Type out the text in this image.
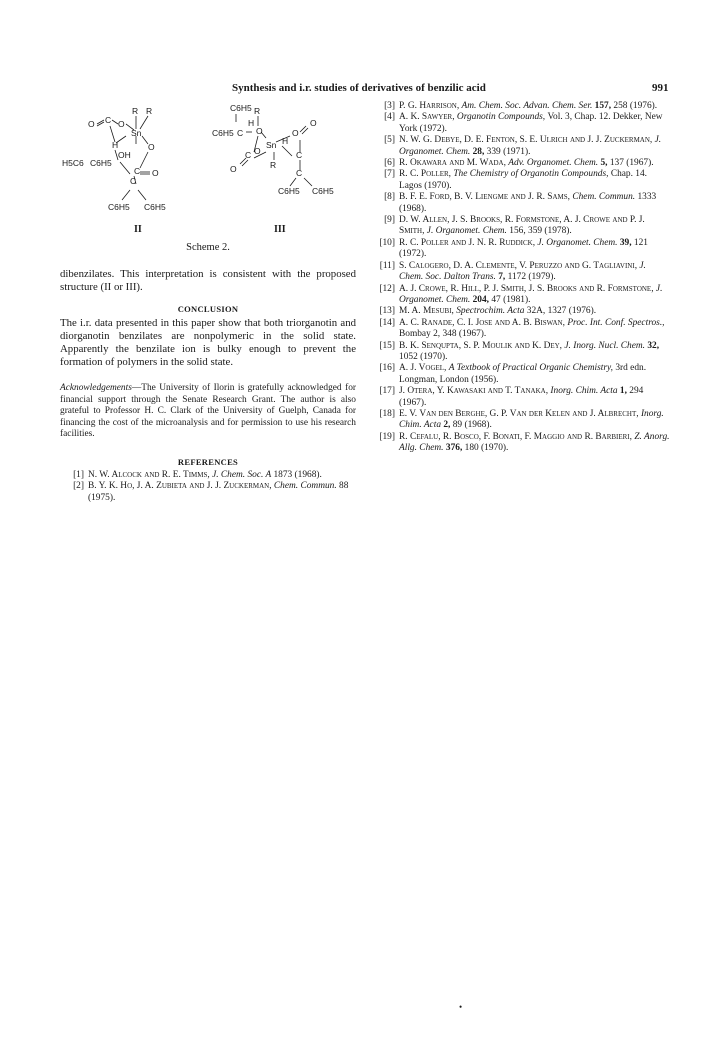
Synthesis and i.r. studies of derivatives of benzilic acid	991
O C O
R R
Sn
H	O
H5C6 C6H5
OH
C
O
C
C6H5 C6H5
II
C6H5 R
C6H5 C
H
O
O
C O
Sn
O
C
O
H
R
C
C6H5 C6H5
III
Scheme 2.

dibenzilates. This interpretation is consistent with the proposed structure (II or III).

CONCLUSION

The i.r. data presented in this paper show that both triorganotin and diorganotin benzilates are nonpolymeric in the solid state. Apparently the benzilate ion is bulky enough to prevent the formation of polymers in the solid state.

Acknowledgements—The University of Ilorin is gratefully acknowledged for financial support through the Senate Research Grant. The author is also grateful to Professor H. C. Clark of the University of Guelph, Canada for financing the cost of the microanalysis and for permission to use his research facilities.

REFERENCES
[1] N. W. Alcock and R. E. Timms, J. Chem. Soc. A 1873 (1968).
[2] B. Y. K. Ho, J. A. Zubieta and J. J. Zuckerman, Chem. Commun. 88 (1975).
[3] P. G. Harrison, Am. Chem. Soc. Advan. Chem. Ser. 157, 258 (1976).
[4] A. K. Sawyer, Organotin Compounds, Vol. 3, Chap. 12. Dekker, New York (1972).
[5] N. W. G. Debye, D. E. Fenton, S. E. Ulrich and J. J. Zuckerman, J. Organomet. Chem. 28, 339 (1971).
[6] R. Okawara and M. Wada, Adv. Organomet. Chem. 5, 137 (1967).
[7] R. C. Poller, The Chemistry of Organotin Compounds, Chap. 14. Lagos (1970).
[8] B. F. E. Ford, B. V. Liengme and J. R. Sams, Chem. Commun. 1333 (1968).
[9] D. W. Allen, J. S. Brooks, R. Formstone, A. J. Crowe and P. J. Smith, J. Organomet. Chem. 156, 359 (1978).
[10] R. C. Poller and J. N. R. Ruddick, J. Organomet. Chem. 39, 121 (1972).
[11] S. Calogero, D. A. Clemente, V. Peruzzo and G. Tagliavini, J. Chem. Soc. Dalton Trans. 7, 1172 (1979).
[12] A. J. Crowe, R. Hill, P. J. Smith, J. S. Brooks and R. Formstone, J. Organomet. Chem. 204, 47 (1981).
[13] M. A. Mesubi, Spectrochim. Acta 32A, 1327 (1976).
[14] A. C. Ranade, C. I. Jose and A. B. Biswan, Proc. Int. Conf. Spectros., Bombay 2, 348 (1967).
[15] B. K. Senqupta, S. P. Moulik and K. Dey, J. Inorg. Nucl. Chem. 32, 1052 (1970).
[16] A. J. Vogel, A Textbook of Practical Organic Chemistry, 3rd edn. Longman, London (1956).
[17] J. Otera, Y. Kawasaki and T. Tanaka, Inorg. Chim. Acta 1, 294 (1967).
[18] E. V. Van den Berghe, G. P. Van der Kelen and J. Albrecht, Inorg. Chim. Acta 2, 89 (1968).
[19] R. Cefalu, R. Bosco, F. Bonati, F. Maggio and R. Barbieri, Z. Anorg. Allg. Chem. 376, 180 (1970).
•
